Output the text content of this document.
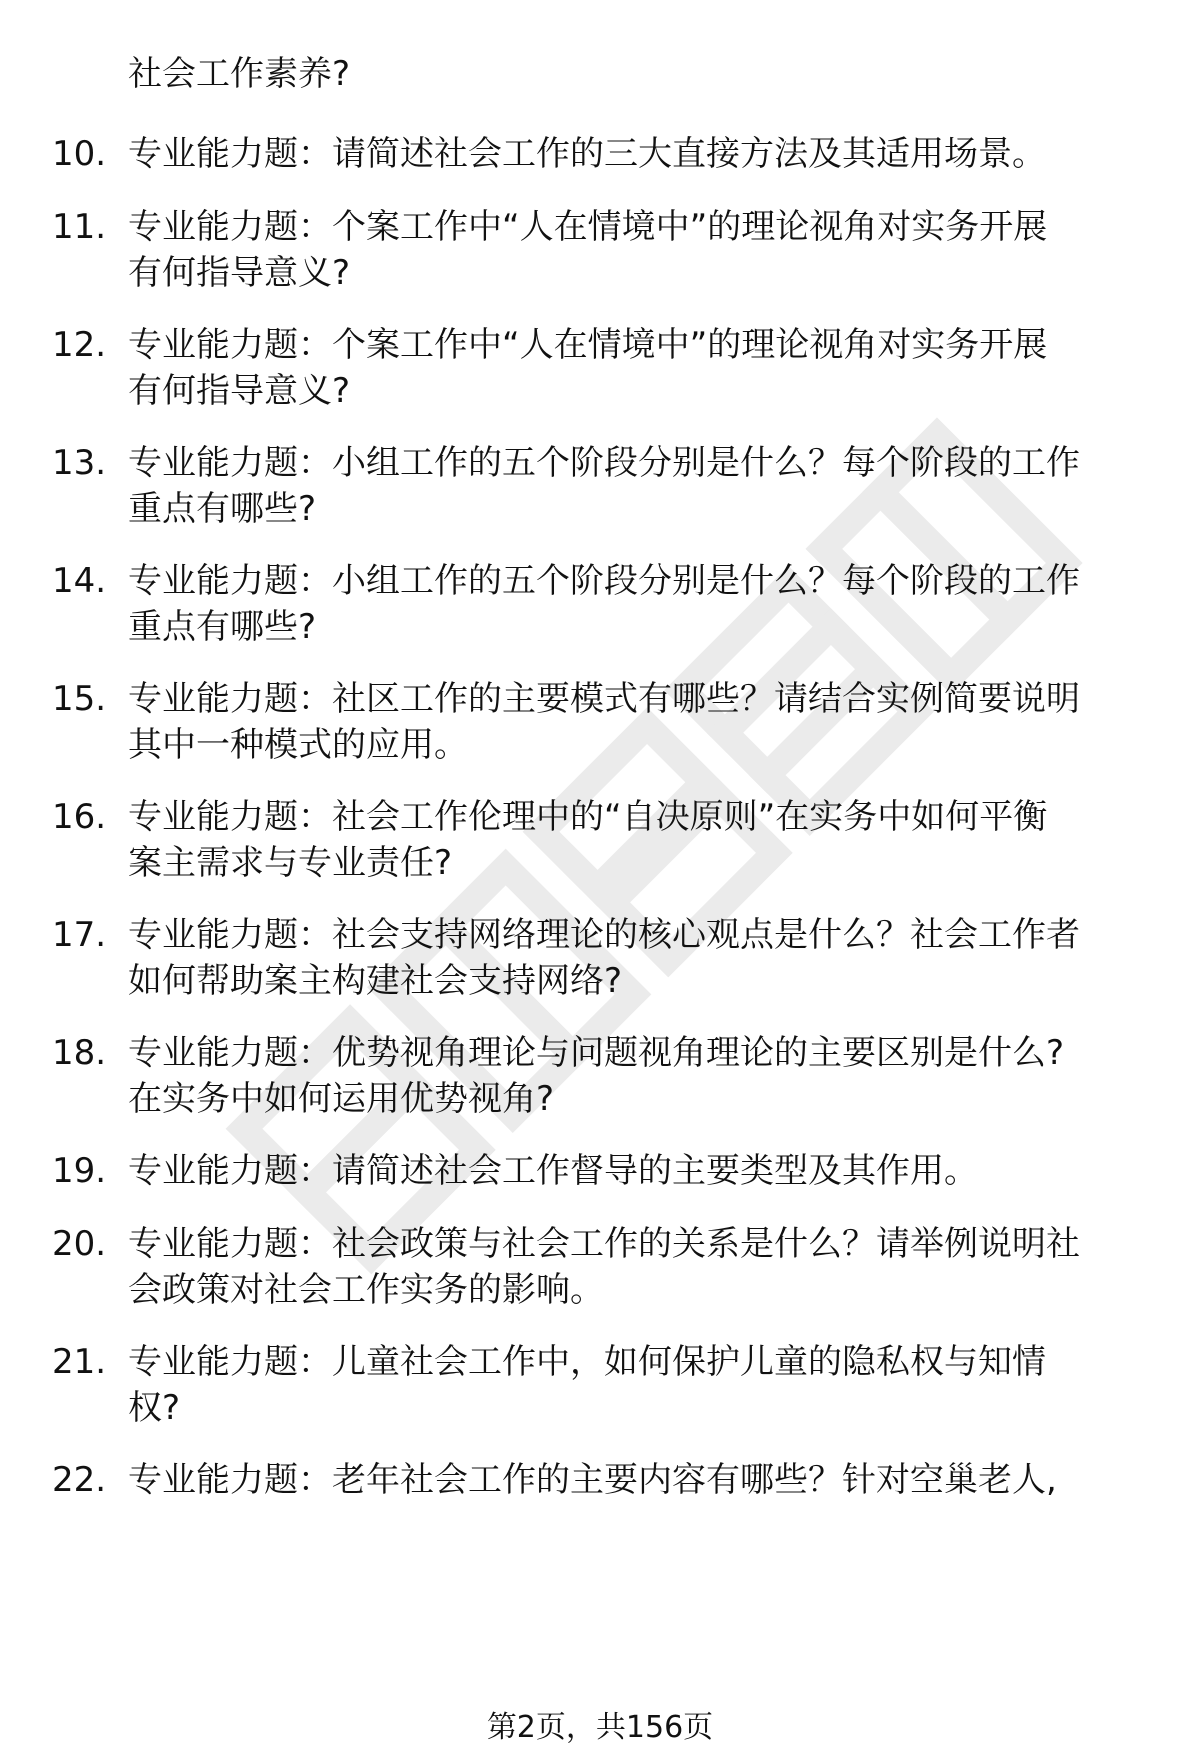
社会工作素养?
10. 专业能力题：请简述社会工作的三大直接方法及其适用场景。
11. 专业能力题：个案工作中“人在情境中”的理论视角对实务开展
有何指导意义?
12. 专业能力题：个案工作中“人在情境中”的理论视角对实务开展
有何指导意义?
13. 专业能力题：小组工作的五个阶段分别是什么？每个阶段的工作
重点有哪些?
14. 专业能力题：小组工作的五个阶段分别是什么？每个阶段的工作
重点有哪些?
15. 专业能力题：社区工作的主要模式有哪些？请结合实例简要说明
其中一种模式的应用。
16. 专业能力题：社会工作伦理中的“自决原则”在实务中如何平衡
案主需求与专业责任?
17. 专业能力题：社会支持网络理论的核心观点是什么？社会工作者
如何帮助案主构建社会支持网络?
18. 专业能力题：优势视角理论与问题视角理论的主要区别是什么?
在实务中如何运用优势视角?
19. 专业能力题：请简述社会工作督导的主要类型及其作用。
20. 专业能力题：社会政策与社会工作的关系是什么？请举例说明社
会政策对社会工作实务的影响。
21. 专业能力题：儿童社会工作中，如何保护儿童的隐私权与知情
权?
22. 专业能力题：老年社会工作的主要内容有哪些？针对空巢老人,
第2页，共156页
